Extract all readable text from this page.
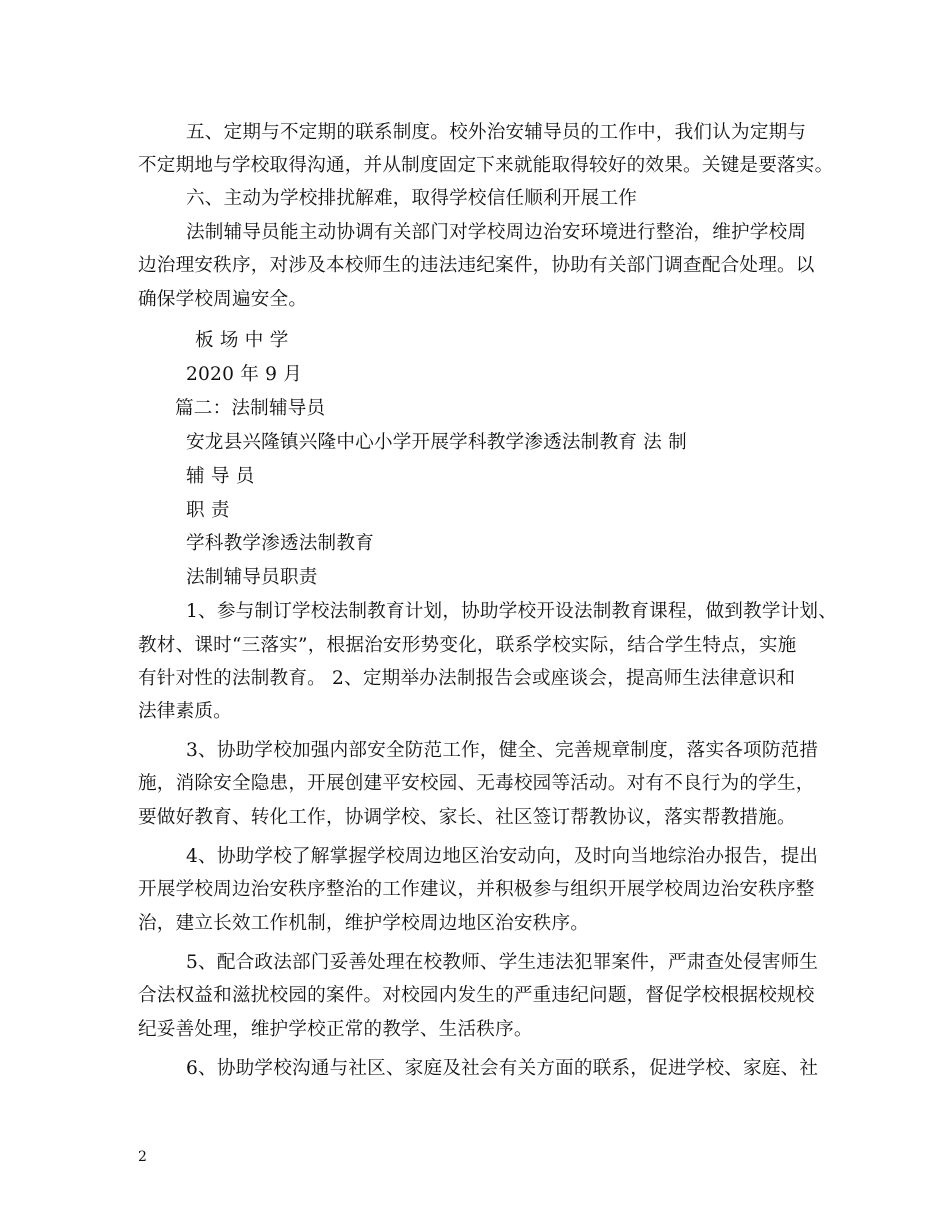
五、定期与不定期的联系制度。校外治安辅导员的工作中，我们认为定期与
不定期地与学校取得沟通，并从制度固定下来就能取得较好的效果。关键是要落实。
六、主动为学校排扰解难，取得学校信任顺利开展工作
法制辅导员能主动协调有关部门对学校周边治安环境进行整治，维护学校周
边治理安秩序，对涉及本校师生的违法违纪案件，协助有关部门调查配合处理。以
确保学校周遍安全。
板 场 中 学
2020 年 9 月
篇二：法制辅导员
安龙县兴隆镇兴隆中心小学开展学科教学渗透法制教育 法 制
辅 导 员
职 责
学科教学渗透法制教育
法制辅导员职责
1、参与制订学校法制教育计划，协助学校开设法制教育课程，做到教学计划、
教材、课时“三落实”，根据治安形势变化，联系学校实际，结合学生特点，实施
有针对性的法制教育。 2、定期举办法制报告会或座谈会，提高师生法律意识和
法律素质。
3、协助学校加强内部安全防范工作，健全、完善规章制度，落实各项防范措
施，消除安全隐患，开展创建平安校园、无毒校园等活动。对有不良行为的学生，
要做好教育、转化工作，协调学校、家长、社区签订帮教协议，落实帮教措施。
4、协助学校了解掌握学校周边地区治安动向，及时向当地综治办报告，提出
开展学校周边治安秩序整治的工作建议，并积极参与组织开展学校周边治安秩序整
治，建立长效工作机制，维护学校周边地区治安秩序。
5、配合政法部门妥善处理在校教师、学生违法犯罪案件，严肃查处侵害师生
合法权益和滋扰校园的案件。对校园内发生的严重违纪问题，督促学校根据校规校
纪妥善处理，维护学校正常的教学、生活秩序。
6、协助学校沟通与社区、家庭及社会有关方面的联系，促进学校、家庭、社
2
